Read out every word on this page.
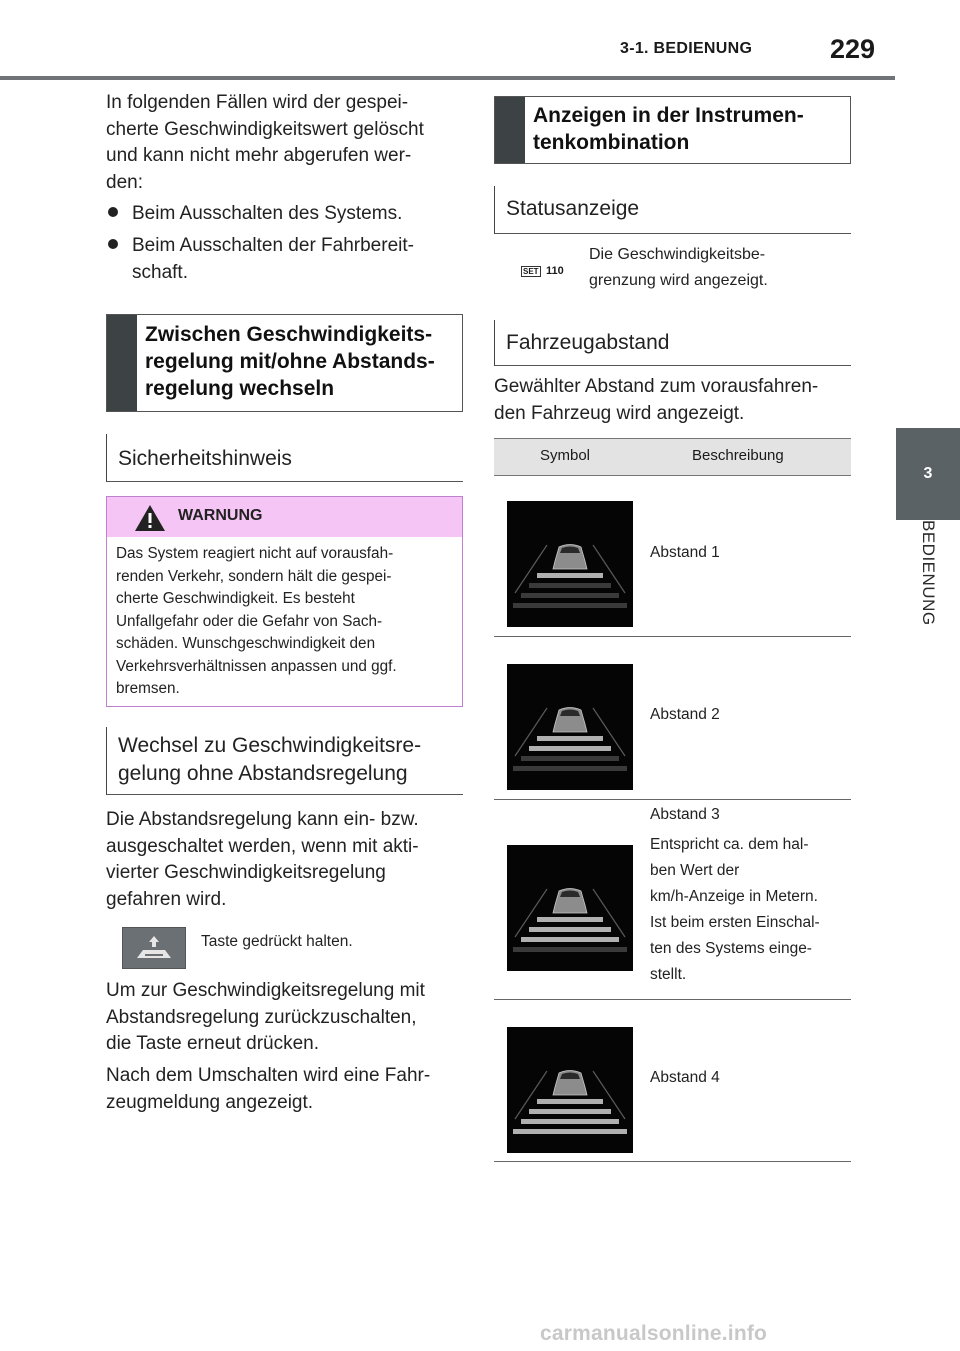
3-1. BEDIENUNG	229
3
BEDIENUNG
In folgenden Fällen wird der gespei-
cherte Geschwindigkeitswert gelöscht
und kann nicht mehr abgerufen wer-
den:
Beim Ausschalten des Systems.
Beim Ausschalten der Fahrbereit-
schaft.
Zwischen Geschwindigkeits-
regelung mit/ohne Abstands-
regelung wechseln
Sicherheitshinweis
WARNUNG
Das System reagiert nicht auf vorausfah-
renden Verkehr, sondern hält die gespei-
cherte Geschwindigkeit. Es besteht
Unfallgefahr oder die Gefahr von Sach-
schäden. Wunschgeschwindigkeit den
Verkehrsverhältnissen anpassen und ggf.
bremsen.
Wechsel zu Geschwindigkeitsre-
gelung ohne Abstandsregelung
Die Abstandsregelung kann ein- bzw.
ausgeschaltet werden, wenn mit akti-
vierter Geschwindigkeitsregelung
gefahren wird.
Taste gedrückt halten.
Um zur Geschwindigkeitsregelung mit
Abstandsregelung zurückzuschalten,
die Taste erneut drücken.
Nach dem Umschalten wird eine Fahr-
zeugmeldung angezeigt.
Anzeigen in der Instrumen-
tenkombination
Statusanzeige
SET 110
Die Geschwindigkeitsbe-
grenzung wird angezeigt.
Fahrzeugabstand
Gewählter Abstand zum vorausfahren-
den Fahrzeug wird angezeigt.
Symbol	Beschreibung
Abstand 1
Abstand 2
Abstand 3
Entspricht ca. dem hal-
ben Wert der
km/h-Anzeige in Metern.
Ist beim ersten Einschal-
ten des Systems einge-
stellt.
Abstand 4
carmanualsonline.info
